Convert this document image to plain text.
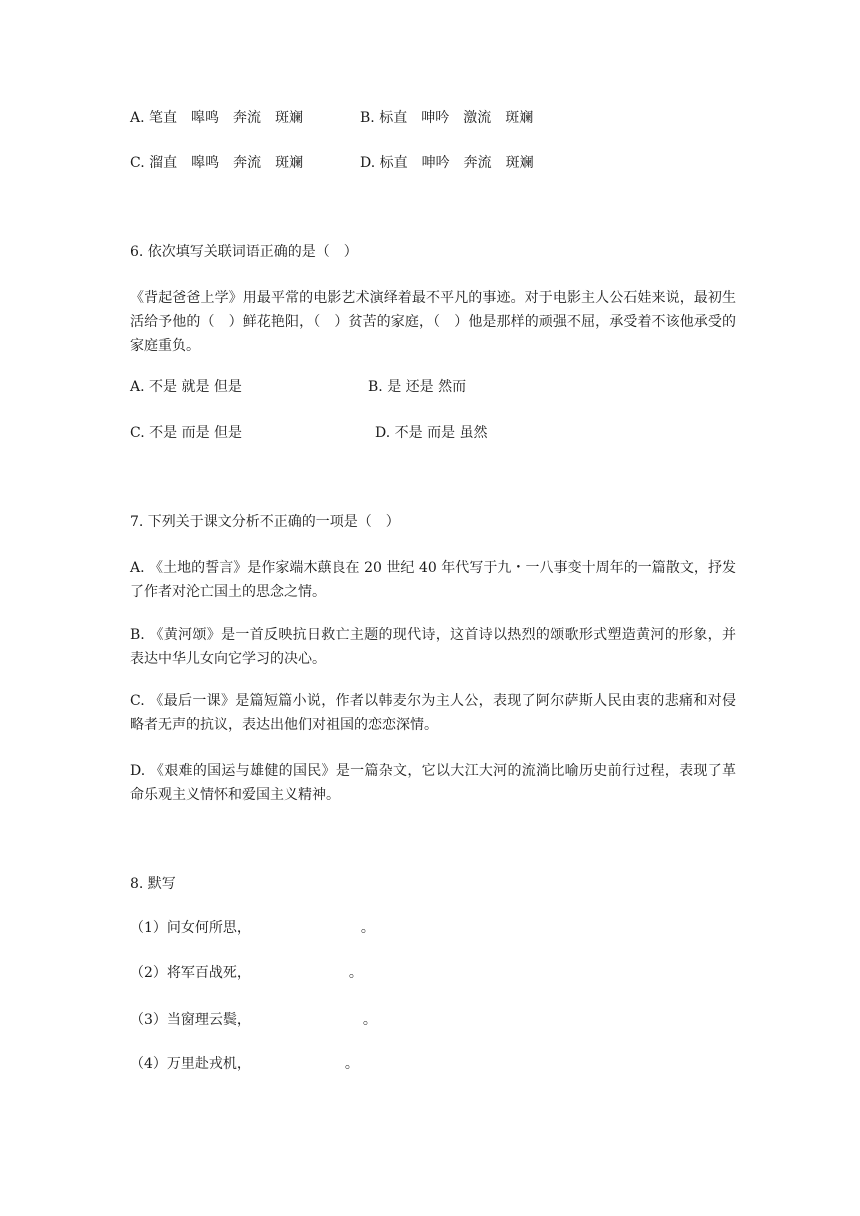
A. 笔直　嗥鸣　奔流　斑斓	B. 标直　呻吟　激流　斑斓
C. 溜直　嗥鸣　奔流　斑斓	D. 标直　呻吟　奔流　斑斓
6. 依次填写关联词语正确的是（　）
《背起爸爸上学》用最平常的电影艺术演绎着最不平凡的事迹。对于电影主人公石娃来说，最初生活给予他的（　）鲜花艳阳，（　）贫苦的家庭，（　）他是那样的顽强不屈，承受着不该他承受的家庭重负。
A. 不是 就是 但是	B. 是 还是 然而
C. 不是 而是 但是	D. 不是 而是 虽然
7. 下列关于课文分析不正确的一项是（　）
A. 《土地的誓言》是作家端木蕻良在 20 世纪 40 年代写于九・一八事变十周年的一篇散文，抒发了作者对沦亡国土的思念之情。
B. 《黄河颂》是一首反映抗日救亡主题的现代诗，这首诗以热烈的颂歌形式塑造黄河的形象，并表达中华儿女向它学习的决心。
C. 《最后一课》是篇短篇小说，作者以韩麦尔为主人公，表现了阿尔萨斯人民由衷的悲痛和对侵略者无声的抗议，表达出他们对祖国的恋恋深情。
D. 《艰难的国运与雄健的国民》是一篇杂文，它以大江大河的流淌比喻历史前行过程，表现了革命乐观主义情怀和爱国主义精神。
8. 默写
（1）问女何所思，	。
（2）将军百战死，	。
（3）当窗理云鬓，	。
（4）万里赴戎机，	。
